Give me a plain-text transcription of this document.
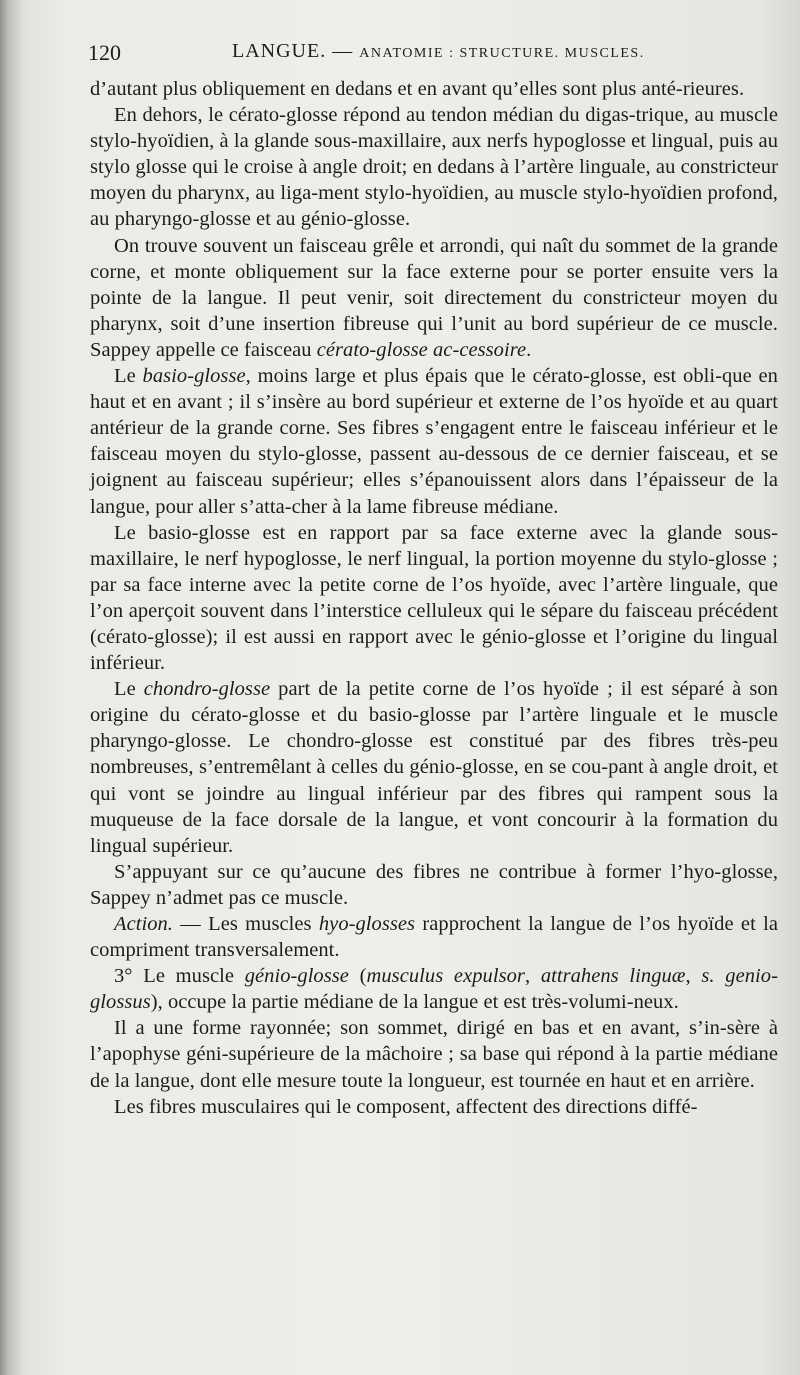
120	LANGUE. — ANATOMIE : STRUCTURE. MUSCLES.

d’autant plus obliquement en dedans et en avant qu’elles sont plus anté-rieures.

En dehors, le cérato-glosse répond au tendon médian du digas-trique, au muscle stylo-hyoïdien, à la glande sous-maxillaire, aux nerfs hypoglosse et lingual, puis au stylo glosse qui le croise à angle droit; en dedans à l’artère linguale, au constricteur moyen du pharynx, au liga-ment stylo-hyoïdien, au muscle stylo-hyoïdien profond, au pharyngo-glosse et au génio-glosse.

On trouve souvent un faisceau grêle et arrondi, qui naît du sommet de la grande corne, et monte obliquement sur la face externe pour se porter ensuite vers la pointe de la langue. Il peut venir, soit directement du constricteur moyen du pharynx, soit d’une insertion fibreuse qui l’unit au bord supérieur de ce muscle. Sappey appelle ce faisceau cérato-glosse ac-cessoire.

Le basio-glosse, moins large et plus épais que le cérato-glosse, est obli-que en haut et en avant ; il s’insère au bord supérieur et externe de l’os hyoïde et au quart antérieur de la grande corne. Ses fibres s’engagent entre le faisceau inférieur et le faisceau moyen du stylo-glosse, passent au-dessous de ce dernier faisceau, et se joignent au faisceau supérieur; elles s’épanouissent alors dans l’épaisseur de la langue, pour aller s’atta-cher à la lame fibreuse médiane.

Le basio-glosse est en rapport par sa face externe avec la glande sous-maxillaire, le nerf hypoglosse, le nerf lingual, la portion moyenne du stylo-glosse ; par sa face interne avec la petite corne de l’os hyoïde, avec l’artère linguale, que l’on aperçoit souvent dans l’interstice celluleux qui le sépare du faisceau précédent (cérato-glosse); il est aussi en rapport avec le génio-glosse et l’origine du lingual inférieur.

Le chondro-glosse part de la petite corne de l’os hyoïde ; il est séparé à son origine du cérato-glosse et du basio-glosse par l’artère linguale et le muscle pharyngo-glosse. Le chondro-glosse est constitué par des fibres très-peu nombreuses, s’entremêlant à celles du génio-glosse, en se cou-pant à angle droit, et qui vont se joindre au lingual inférieur par des fibres qui rampent sous la muqueuse de la face dorsale de la langue, et vont concourir à la formation du lingual supérieur.

S’appuyant sur ce qu’aucune des fibres ne contribue à former l’hyo-glosse, Sappey n’admet pas ce muscle.

Action. — Les muscles hyo-glosses rapprochent la langue de l’os hyoïde et la compriment transversalement.

3° Le muscle génio-glosse (musculus expulsor, attrahens linguæ, s. genio-glossus), occupe la partie médiane de la langue et est très-volumi-neux.

Il a une forme rayonnée; son sommet, dirigé en bas et en avant, s’in-sère à l’apophyse géni-supérieure de la mâchoire ; sa base qui répond à la partie médiane de la langue, dont elle mesure toute la longueur, est tournée en haut et en arrière.

Les fibres musculaires qui le composent, affectent des directions diffé-
